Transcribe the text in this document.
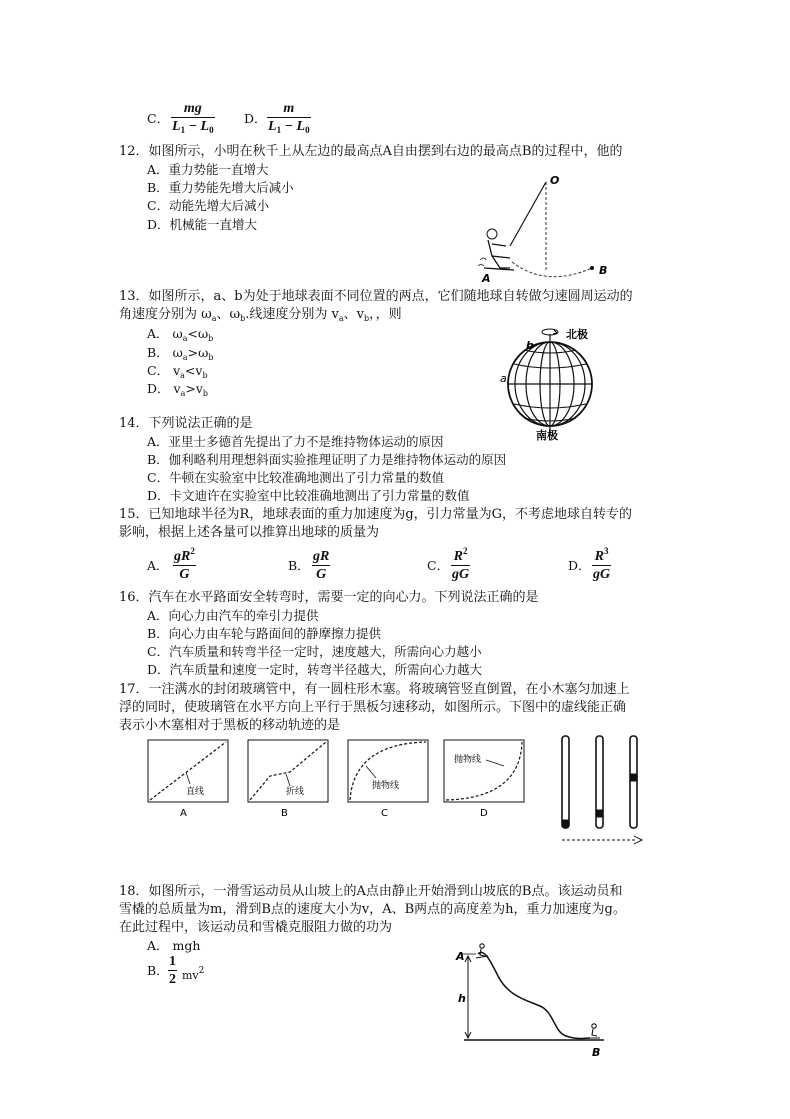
C．
mg
$L_1 - L_0$
D．
m
$L_1 - L_0$
12．如图所示，小明在秋千上从左边的最高点A自由摆到右边的最高点B的过程中，他的
A．重力势能一直增大
B．重力势能先增大后减小
C．动能先增大后减小
D．机械能一直增大
O
A
B
13．如图所示，a、b为处于地球表面不同位置的两点，它们随地球自转做匀速圆周运动的
角速度分别为 $\omega_a$、$\omega_b$.线速度分别为 $v_a$、$v_b$，，则
A． $\omega_a<\omega_b$
B． $\omega_a>\omega_b$
C． $v_a<v_b$
D． $v_a>v_b$
北极
南极
b
a
14．下列说法正确的是
A．亚里士多德首先提出了力不是维持物体运动的原因
B．伽利略利用理想斜面实验推理证明了力是维持物体运动的原因
C．牛顿在实验室中比较准确地测出了引力常量的数值
D．卡文迪许在实验室中比较准确地测出了引力常量的数值
15．已知地球半径为R，地球表面的重力加速度为g，引力常量为G，不考虑地球自转专的
影响，根据上述各量可以推算出地球的质量为
A．
$gR^2$
G
B．
gR
G
C．
$R^2$
gG
D．
$R^3$
gG
16．汽车在水平路面安全转弯时，需要一定的向心力。下列说法正确的是
A．向心力由汽车的牵引力提供
B．向心力由车轮与路面间的静摩擦力提供
C．汽车质量和转弯半径一定时，速度越大，所需向心力越小
D．汽车质量和速度一定时，转弯半径越大，所需向心力越大
17．一注满水的封闭玻璃管中，有一圆柱形木塞。将玻璃管竖直倒置，在小木塞匀加速上
浮的同时，使玻璃管在水平方向上平行于黑板匀速移动，如图所示。下图中的虚线能正确
表示小木塞相对于黑板的移动轨迹的是
直线
A
折线
B
抛物线
C
抛物线
D
18．如图所示，一滑雪运动员从山坡上的A点由静止开始滑到山坡底的B点。该运动员和
雪橇的总质量为m，滑到B点的速度大小为v，A、B两点的高度差为h，重力加速度为g。
在此过程中，该运动员和雪橇克服阻力做的功为
A． mgh
B．
1
2 $mv^2$
A
B
h
